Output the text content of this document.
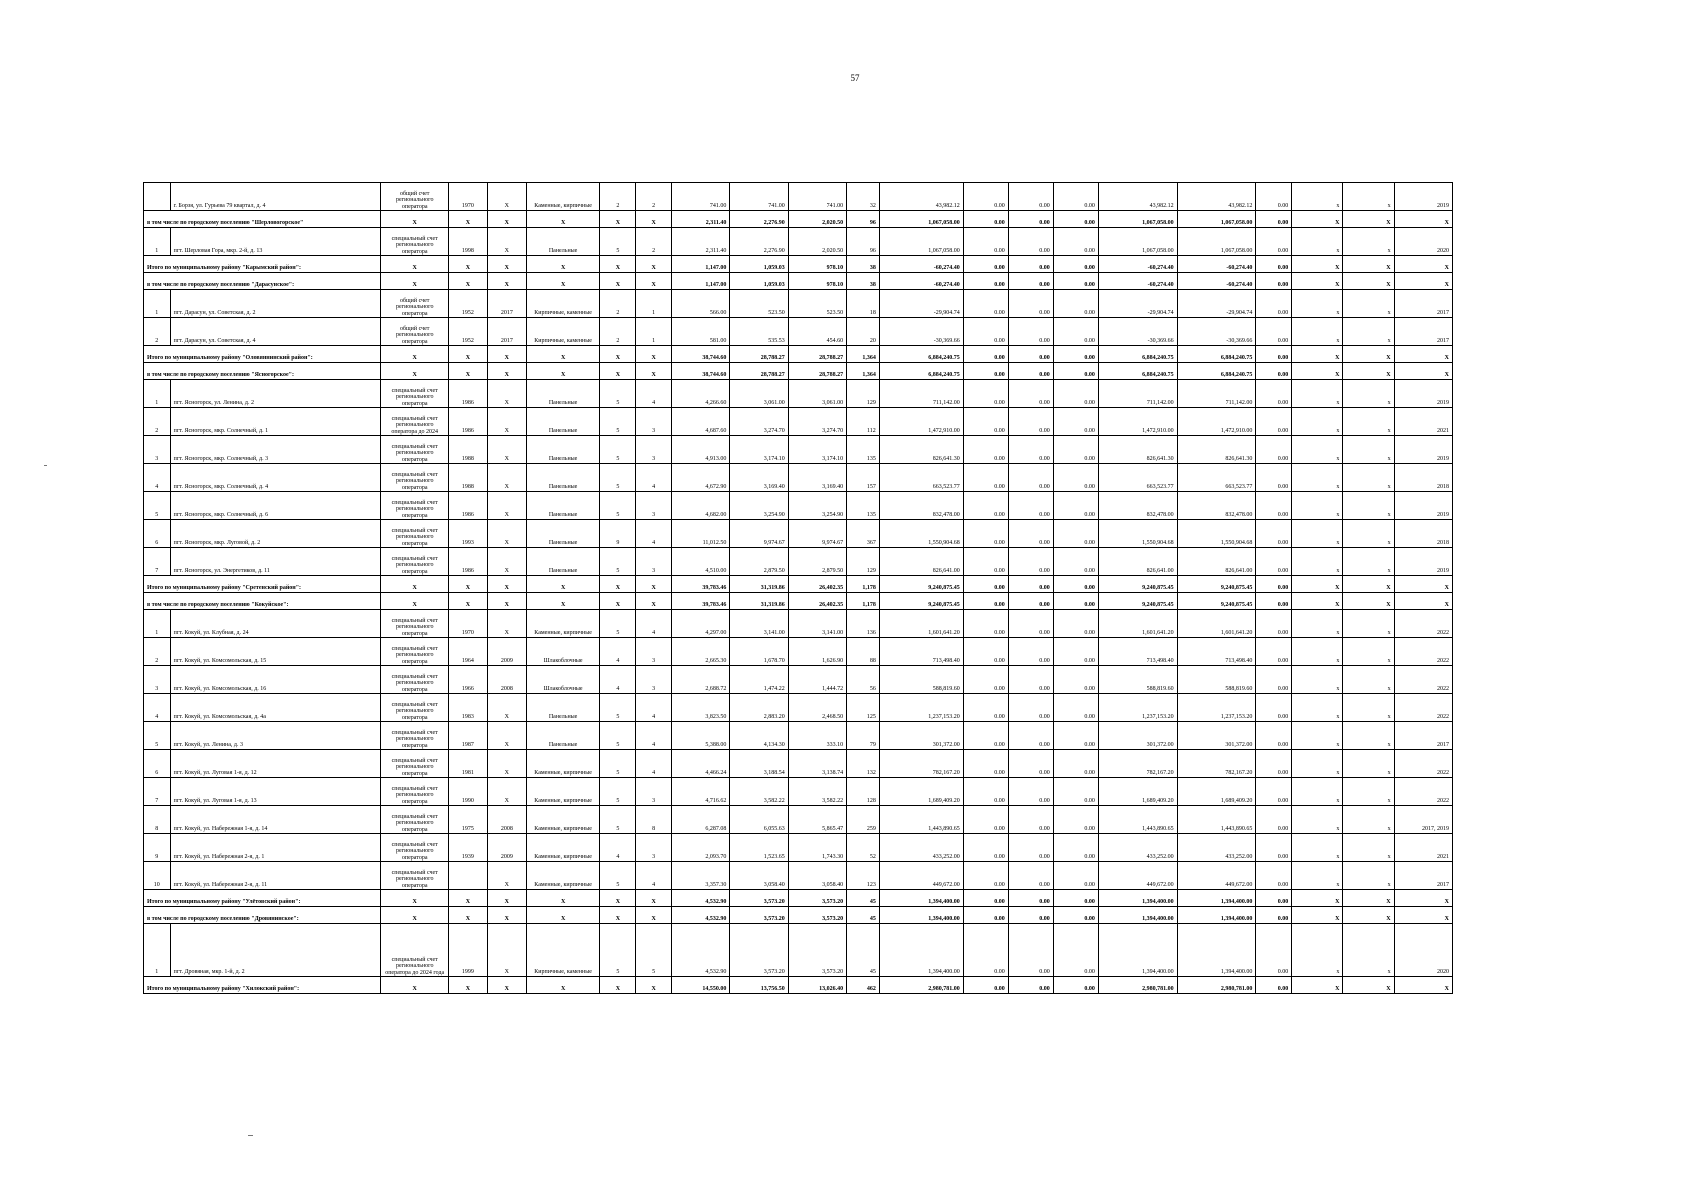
57
	г. Борзя, ул. Гурьева 79 квартал, д. 4	общий счет регионального оператора	1970	Х	Каменные, кирпичные	2	2	741.00	741.00	741.00	32	43,982.12	0.00	0.00	0.00	43,982.12	43,982.12	0.00	х	х	2019
в том числе по городскому поселению "Шерловогорское"		Х	Х	Х	Х	Х	Х	2,311.40	2,276.90	2,020.50	96	1,067,058.00	0.00	0.00	0.00	1,067,058.00	1,067,058.00	0.00	Х	Х	Х
1	пгт. Шерловая Гора, мкр. 2-й, д. 13	специальный счет регионального оператора	1998	Х	Панельные	5	2	2,311.40	2,276.90	2,020.50	96	1,067,058.00	0.00	0.00	0.00	1,067,058.00	1,067,058.00	0.00	х	х	2020
Итого по муниципальному району "Карымский район":		Х	Х	Х	Х	Х	Х	1,147.00	1,059.03	978.10	38	-60,274.40	0.00	0.00	0.00	-60,274.40	-60,274.40	0.00	Х	Х	Х
в том числе по городскому поселению "Дарасунское":		Х	Х	Х	Х	Х	Х	1,147.00	1,059.03	978.10	38	-60,274.40	0.00	0.00	0.00	-60,274.40	-60,274.40	0.00	Х	Х	Х
1	пгт. Дарасун, ул. Советская, д. 2	общий счет регионального оператора	1952	2017	Кирпичные, каменные	2	1	566.00	523.50	523.50	18	-29,904.74	0.00	0.00	0.00	-29,904.74	-29,904.74	0.00	х	х	2017
2	пгт. Дарасун, ул. Советская, д. 4	общий счет регионального оператора	1952	2017	Кирпичные, каменные	2	1	581.00	535.53	454.60	20	-30,369.66	0.00	0.00	0.00	-30,369.66	-30,369.66	0.00	х	х	2017
Итого по муниципальному району "Оловяннинский район":		Х	Х	Х	Х	Х	Х	38,744.60	28,788.27	28,788.27	1,364	6,884,240.75	0.00	0.00	0.00	6,884,240.75	6,884,240.75	0.00	Х	Х	Х
в том числе по городскому поселению "Ясногорское":		Х	Х	Х	Х	Х	Х	38,744.60	28,788.27	28,788.27	1,364	6,884,240.75	0.00	0.00	0.00	6,884,240.75	6,884,240.75	0.00	Х	Х	Х
1	пгт. Ясногорск, ул. Ленина, д. 2	специальный счет регионального оператора	1986	Х	Панельные	5	4	4,266.60	3,061.00	3,061.00	129	711,142.00	0.00	0.00	0.00	711,142.00	711,142.00	0.00	х	х	2019
2	пгт. Ясногорск, мкр. Солнечный, д. 1	специальный счет регионального оператора до 2024	1986	Х	Панельные	5	3	4,687.60	3,274.70	3,274.70	112	1,472,910.00	0.00	0.00	0.00	1,472,910.00	1,472,910.00	0.00	х	х	2021
3	пгт. Ясногорск, мкр. Солнечный, д. 3	специальный счет регионального оператора	1988	Х	Панельные	5	3	4,913.00	3,174.10	3,174.10	135	826,641.30	0.00	0.00	0.00	826,641.30	826,641.30	0.00	х	х	2019
4	пгт. Ясногорск, мкр. Солнечный, д. 4	специальный счет регионального оператора	1988	Х	Панельные	5	4	4,672.90	3,169.40	3,169.40	157	663,523.77	0.00	0.00	0.00	663,523.77	663,523.77	0.00	х	х	2018
5	пгт. Ясногорск, мкр. Солнечный, д. 6	специальный счет регионального оператора	1986	Х	Панельные	5	3	4,682.00	3,254.90	3,254.90	135	832,478.00	0.00	0.00	0.00	832,478.00	832,478.00	0.00	х	х	2019
6	пгт. Ясногорск, мкр. Луговой, д. 2	специальный счет регионального оператора	1993	Х	Панельные	9	4	11,012.50	9,974.67	9,974.67	367	1,550,904.68	0.00	0.00	0.00	1,550,904.68	1,550,904.68	0.00	х	х	2018
7	пгт. Ясногорск, ул. Энергетиков, д. 11	специальный счет регионального оператора	1986	Х	Панельные	5	3	4,510.00	2,879.50	2,879.50	129	826,641.00	0.00	0.00	0.00	826,641.00	826,641.00	0.00	х	х	2019
Итого по муниципальному району "Сретенский район":		Х	Х	Х	Х	Х	Х	39,783.46	31,319.86	26,402.35	1,178	9,240,875.45	0.00	0.00	0.00	9,240,875.45	9,240,875.45	0.00	Х	Х	Х
в том числе по городскому поселению "Кокуйское":		Х	Х	Х	Х	Х	Х	39,783.46	31,319.86	26,402.35	1,178	9,240,875.45	0.00	0.00	0.00	9,240,875.45	9,240,875.45	0.00	Х	Х	Х
1	пгт. Кокуй, ул. Клубная, д. 24	специальный счет регионального оператора	1970	Х	Каменные, кирпичные	5	4	4,297.00	3,141.00	3,141.00	136	1,601,641.20	0.00	0.00	0.00	1,601,641.20	1,601,641.20	0.00	х	х	2022
2	пгт. Кокуй, ул. Комсомольская, д. 15	специальный счет регионального оператора	1964	2009	Шлакоблочные	4	3	2,665.30	1,678.70	1,626.90	88	713,498.40	0.00	0.00	0.00	713,498.40	713,498.40	0.00	х	х	2022
3	пгт. Кокуй, ул. Комсомольская, д. 16	специальный счет регионального оператора	1966	2008	Шлакоблочные	4	3	2,688.72	1,474.22	1,444.72	56	588,819.60	0.00	0.00	0.00	588,819.60	588,819.60	0.00	х	х	2022
4	пгт. Кокуй, ул. Комсомольская, д. 4а	специальный счет регионального оператора	1983	Х	Панельные	5	4	3,823.50	2,883.20	2,468.50	125	1,237,153.20	0.00	0.00	0.00	1,237,153.20	1,237,153.20	0.00	х	х	2022
5	пгт. Кокуй, ул. Ленина, д. 3	специальный счет регионального оператора	1987	Х	Панельные	5	4	5,388.00	4,134.30	333.10	79	301,372.00	0.00	0.00	0.00	301,372.00	301,372.00	0.00	х	х	2017
6	пгт. Кокуй, ул. Луговая 1-я, д. 12	специальный счет регионального оператора	1981	Х	Каменные, кирпичные	5	4	4,466.24	3,188.54	3,138.74	132	782,167.20	0.00	0.00	0.00	782,167.20	782,167.20	0.00	х	х	2022
7	пгт. Кокуй, ул. Луговая 1-я, д. 13	специальный счет регионального оператора	1990	Х	Каменные, кирпичные	5	3	4,716.62	3,582.22	3,582.22	128	1,689,409.20	0.00	0.00	0.00	1,689,409.20	1,689,409.20	0.00	х	х	2022
8	пгт. Кокуй, ул. Набережная 1-я, д. 14	специальный счет регионального оператора	1975	2008	Каменные, кирпичные	5	8	6,287.08	6,055.63	5,865.47	259	1,443,890.65	0.00	0.00	0.00	1,443,890.65	1,443,890.65	0.00	х	х	2017, 2019
9	пгт. Кокуй, ул. Набережная 2-я, д. 1	специальный счет регионального оператора	1939	2009	Каменные, кирпичные	4	3	2,093.70	1,523.65	1,743.30	52	433,252.00	0.00	0.00	0.00	433,252.00	433,252.00	0.00	х	х	2021
10	пгт. Кокуй, ул. Набережная 2-я, д. 11	специальный счет регионального оператора		Х	Каменные, кирпичные	5	4	3,357.30	3,058.40	3,058.40	123	449,672.00	0.00	0.00	0.00	449,672.00	449,672.00	0.00	х	х	2017
Итого по муниципальному району "Улётовский район":		Х	Х	Х	Х	Х	Х	4,532.90	3,573.20	3,573.20	45	1,394,400.00	0.00	0.00	0.00	1,394,400.00	1,394,400.00	0.00	Х	Х	Х
в том числе по городскому поселению "Дровянинское":		Х	Х	Х	Х	Х	Х	4,532.90	3,573.20	3,573.20	45	1,394,400.00	0.00	0.00	0.00	1,394,400.00	1,394,400.00	0.00	Х	Х	Х
1	пгт. Дровяная, мкр. 1-й, д. 2	специальный счет регионального оператора до 2024 года	1999	Х	Кирпичные, каменные	5	5	4,532.90	3,573.20	3,573.20	45	1,394,400.00	0.00	0.00	0.00	1,394,400.00	1,394,400.00	0.00	х	х	2020
Итого по муниципальному району "Хилокский район":		Х	Х	Х	Х	Х	Х	14,550.00	13,756.50	13,026.40	462	2,980,781.00	0.00	0.00	0.00	2,980,781.00	2,980,781.00	0.00	Х	Х	Х
